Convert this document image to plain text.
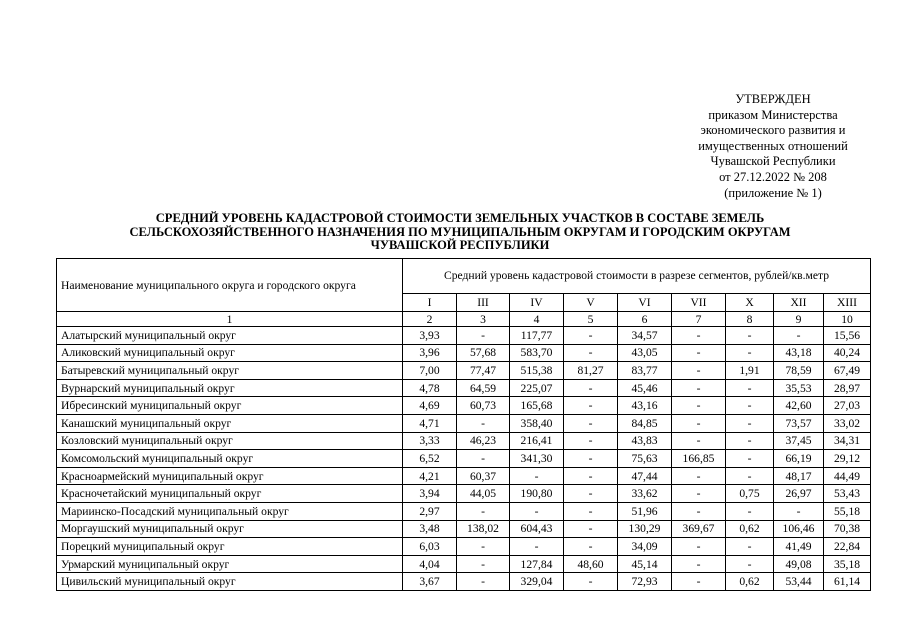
УТВЕРЖДЕН
приказом Министерства
экономического развития и
имущественных отношений
Чувашской Республики
от 27.12.2022 № 208
(приложение № 1)
СРЕДНИЙ УРОВЕНЬ КАДАСТРОВОЙ СТОИМОСТИ ЗЕМЕЛЬНЫХ УЧАСТКОВ В СОСТАВЕ ЗЕМЕЛЬ
СЕЛЬСКОХОЗЯЙСТВЕННОГО НАЗНАЧЕНИЯ ПО МУНИЦИПАЛЬНЫМ ОКРУГАМ И ГОРОДСКИМ ОКРУГАМ
ЧУВАШСКОЙ РЕСПУБЛИКИ
Наименование муниципального округа и городского округа	Средний уровень кадастровой стоимости в разрезе сегментов, рублей/кв.метр								
	I	III	IV	V	VI	VII	X	XII	XIII
1	2	3	4	5	6	7	8	9	10
Алатырский муниципальный округ	3,93	-	117,77	-	34,57	-	-	-	15,56
Аликовский муниципальный округ	3,96	57,68	583,70	-	43,05	-	-	43,18	40,24
Батыревский муниципальный округ	7,00	77,47	515,38	81,27	83,77	-	1,91	78,59	67,49
Вурнарский муниципальный округ	4,78	64,59	225,07	-	45,46	-	-	35,53	28,97
Ибресинский муниципальный округ	4,69	60,73	165,68	-	43,16	-	-	42,60	27,03
Канашский муниципальный округ	4,71	-	358,40	-	84,85	-	-	73,57	33,02
Козловский муниципальный округ	3,33	46,23	216,41	-	43,83	-	-	37,45	34,31
Комсомольский муниципальный округ	6,52	-	341,30	-	75,63	166,85	-	66,19	29,12
Красноармейский муниципальный округ	4,21	60,37	-	-	47,44	-	-	48,17	44,49
Красночетайский муниципальный округ	3,94	44,05	190,80	-	33,62	-	0,75	26,97	53,43
Мариинско-Посадский муниципальный округ	2,97	-	-	-	51,96	-	-	-	55,18
Моргаушский муниципальный округ	3,48	138,02	604,43	-	130,29	369,67	0,62	106,46	70,38
Порецкий муниципальный округ	6,03	-	-	-	34,09	-	-	41,49	22,84
Урмарский муниципальный округ	4,04	-	127,84	48,60	45,14	-	-	49,08	35,18
Цивильский муниципальный округ	3,67	-	329,04	-	72,93	-	0,62	53,44	61,14
